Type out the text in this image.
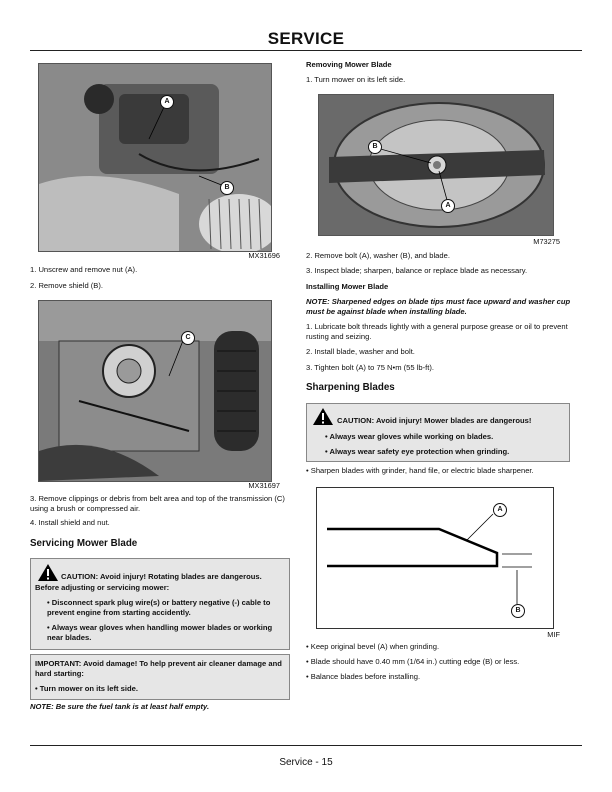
SERVICE
A
B
MX31696
1. Unscrew and remove nut (A).
2. Remove shield (B).
C
MX31697
3. Remove clippings or debris from belt area and top of the transmission (C) using a brush or compressed air.
4. Install shield and nut.
Servicing Mower Blade
CAUTION: Avoid injury! Rotating blades are dangerous.
Before adjusting or servicing mower:
• Disconnect spark plug wire(s) or battery negative (-) cable to prevent engine from starting accidently.
• Always wear gloves when handling mower blades or working near blades.
IMPORTANT: Avoid damage! To help prevent air cleaner damage and hard starting:
• Turn mower on its left side.
NOTE: Be sure the fuel tank is at least half empty.
Removing Mower Blade
1. Turn mower on its left side.
B
A
M73275
2. Remove bolt (A), washer (B), and blade.
3. Inspect blade; sharpen, balance or replace blade as necessary.
Installing Mower Blade
NOTE: Sharpened edges on blade tips must face upward and washer cup must be against blade when installing blade.
1. Lubricate bolt threads lightly with a general purpose grease or oil to prevent rusting and seizing.
2. Install blade, washer and bolt.
3. Tighten bolt (A) to 75 N•m (55 lb-ft).
Sharpening Blades
CAUTION: Avoid injury! Mower blades are dangerous!
• Always wear gloves while working on blades.
• Always wear safety eye protection when grinding.
• Sharpen blades with grinder, hand file, or electric blade sharpener.
A
B
MIF
• Keep original bevel (A) when grinding.
• Blade should have 0.40 mm (1/64 in.) cutting edge (B) or less.
• Balance blades before installing.
Service - 15
